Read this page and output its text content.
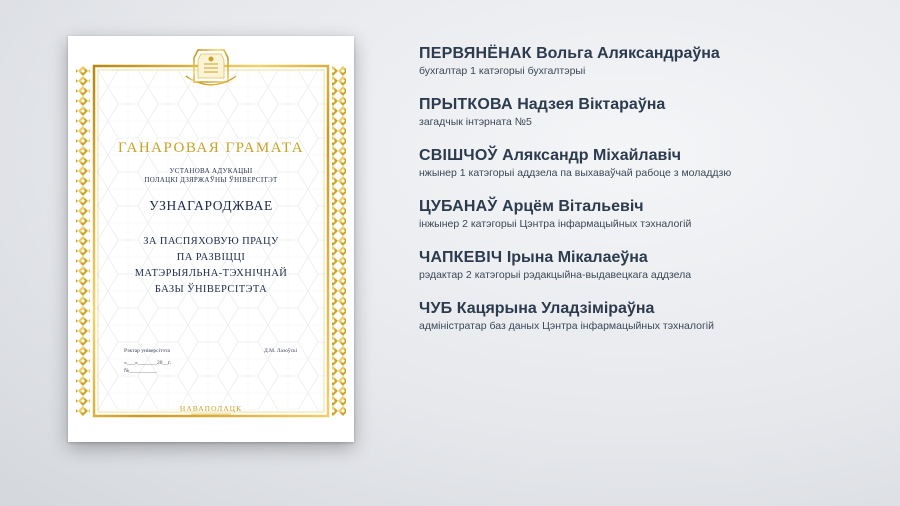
ГАНАРОВАЯ ГРАМАТА
УСТАНОВА АДУКАЦЫІ
ПОЛАЦКІ ДЗЯРЖАЎНЫ ЎНІВЕРСІТЭТ
УЗНАГАРОДЖВАЕ
ЗА ПАСПЯХОВУЮ ПРАЦУ
ПА РАЗВІЦЦІ
МАТЭРЫЯЛЬНА-ТЭХНІЧНАЙ
БАЗЫ ЎНІВЕРСІТЭТА
Рэктар універсітэта	Д.М. Лазоўскі
«___»_______20__г.
№__________
НАВАПОЛАЦК
ПЕРВЯНЁНАК Вольга Аляксандраўна
бухгалтар 1 катэгорыі бухгалтэрыі
ПРЫТКОВА Надзея Віктараўна
загадчык інтэрната №5
СВІШЧОЎ Аляксандр Міхайлавіч
нжынер 1 катэгорыі аддзела па выхаваўчай рабоце з моладдзю
ЦУБАНАЎ Арцём Вітальевіч
інжынер 2 катэгорыі Цэнтра інфармацыйных тэхналогій
ЧАПКЕВІЧ Ірына Мікалаеўна
рэдактар 2 катэгорыі рэдакцыйна-выдавецкага аддзела
ЧУБ Кацярына Уладзіміраўна
адміністратар баз даных Цэнтра інфармацыйных тэхналогій
